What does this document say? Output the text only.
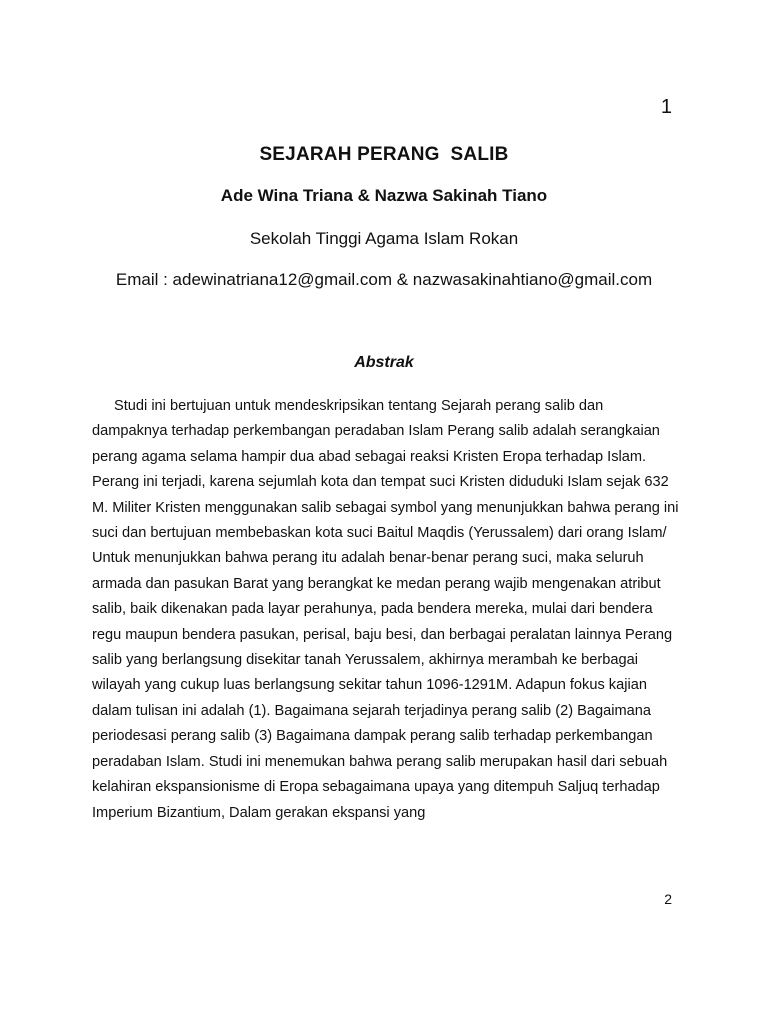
1
SEJARAH PERANG  SALIB
Ade Wina Triana & Nazwa Sakinah Tiano
Sekolah Tinggi Agama Islam Rokan
Email : adewinatriana12@gmail.com & nazwasakinahtiano@gmail.com
Abstrak

Studi ini bertujuan untuk mendeskripsikan tentang Sejarah perang salib dan dampaknya terhadap perkembangan peradaban Islam Perang salib adalah serangkaian perang agama selama hampir dua abad sebagai reaksi Kristen Eropa terhadap Islam. Perang ini terjadi, karena sejumlah kota dan tempat suci Kristen diduduki Islam sejak 632 M. Militer Kristen menggunakan salib sebagai symbol yang menunjukkan bahwa perang ini suci dan bertujuan membebaskan kota suci Baitul Maqdis (Yerussalem) dari orang Islam/ Untuk menunjukkan bahwa perang itu adalah benar-benar perang suci, maka seluruh armada dan pasukan Barat yang berangkat ke medan perang wajib mengenakan atribut salib, baik dikenakan pada layar perahunya, pada bendera mereka, mulai dari bendera regu maupun bendera pasukan, perisal, baju besi, dan berbagai peralatan lainnya Perang salib yang berlangsung disekitar tanah Yerussalem, akhirnya merambah ke berbagai wilayah yang cukup luas berlangsung sekitar tahun 1096-1291M. Adapun fokus kajian dalam tulisan ini adalah (1). Bagaimana sejarah terjadinya perang salib (2) Bagaimana periodesasi perang salib (3) Bagaimana dampak perang salib terhadap perkembangan peradaban Islam. Studi ini menemukan bahwa perang salib merupakan hasil dari sebuah kelahiran ekspansionisme di Eropa sebagaimana upaya yang ditempuh Saljuq terhadap Imperium Bizantium, Dalam gerakan ekspansi yang

2
